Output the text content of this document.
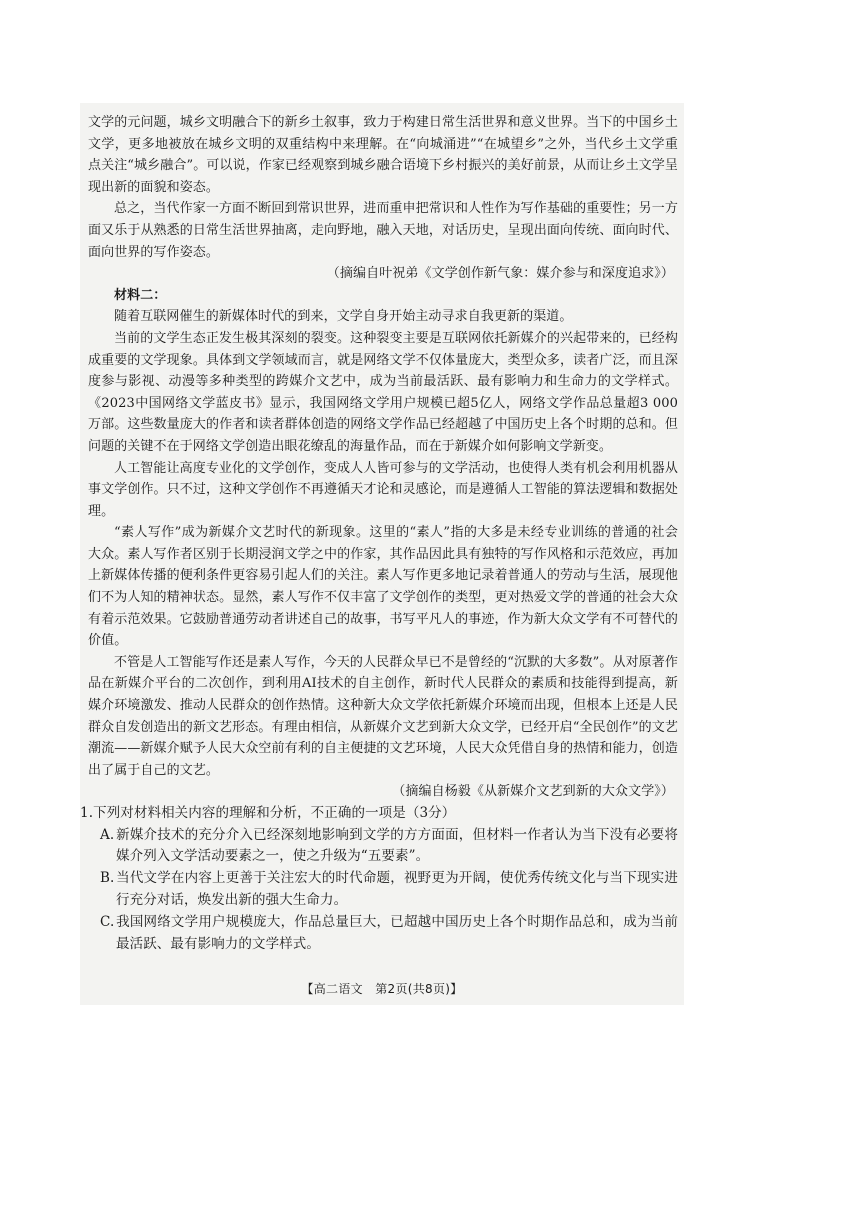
文学的元问题，城乡文明融合下的新乡土叙事，致力于构建日常生活世界和意义世界。当下的中国乡土文学，更多地被放在城乡文明的双重结构中来理解。在“向城涌进”“在城望乡”之外，当代乡土文学重点关注“城乡融合”。可以说，作家已经观察到城乡融合语境下乡村振兴的美好前景，从而让乡土文学呈现出新的面貌和姿态。

总之，当代作家一方面不断回到常识世界，进而重申把常识和人性作为写作基础的重要性；另一方面又乐于从熟悉的日常生活世界抽离，走向野地，融入天地，对话历史，呈现出面向传统、面向时代、面向世界的写作姿态。

（摘编自叶祝弟《文学创作新气象：媒介参与和深度追求》）

材料二：

随着互联网催生的新媒体时代的到来，文学自身开始主动寻求自我更新的渠道。

当前的文学生态正发生极其深刻的裂变。这种裂变主要是互联网依托新媒介的兴起带来的，已经构成重要的文学现象。具体到文学领域而言，就是网络文学不仅体量庞大，类型众多，读者广泛，而且深度参与影视、动漫等多种类型的跨媒介文艺中，成为当前最活跃、最有影响力和生命力的文学样式。《2023中国网络文学蓝皮书》显示，我国网络文学用户规模已超5亿人，网络文学作品总量超3 000万部。这些数量庞大的作者和读者群体创造的网络文学作品已经超越了中国历史上各个时期的总和。但问题的关键不在于网络文学创造出眼花缭乱的海量作品，而在于新媒介如何影响文学新变。

人工智能让高度专业化的文学创作，变成人人皆可参与的文学活动，也使得人类有机会利用机器从事文学创作。只不过，这种文学创作不再遵循天才论和灵感论，而是遵循人工智能的算法逻辑和数据处理。

“素人写作”成为新媒介文艺时代的新现象。这里的“素人”指的大多是未经专业训练的普通的社会大众。素人写作者区别于长期浸润文学之中的作家，其作品因此具有独特的写作风格和示范效应，再加上新媒体传播的便利条件更容易引起人们的关注。素人写作更多地记录着普通人的劳动与生活，展现他们不为人知的精神状态。显然，素人写作不仅丰富了文学创作的类型，更对热爱文学的普通的社会大众有着示范效果。它鼓励普通劳动者讲述自己的故事，书写平凡人的事迹，作为新大众文学有不可替代的价值。

不管是人工智能写作还是素人写作，今天的人民群众早已不是曾经的“沉默的大多数”。从对原著作品在新媒介平台的二次创作，到利用AI技术的自主创作，新时代人民群众的素质和技能得到提高，新媒介环境激发、推动人民群众的创作热情。这种新大众文学依托新媒介环境而出现，但根本上还是人民群众自发创造出的新文艺形态。有理由相信，从新媒介文艺到新大众文学，已经开启“全民创作”的文艺潮流——新媒介赋予人民大众空前有利的自主便捷的文艺环境，人民大众凭借自身的热情和能力，创造出了属于自己的文艺。

（摘编自杨毅《从新媒介文艺到新的大众文学》）

1.下列对材料相关内容的理解和分析，不正确的一项是（3分）

A. 新媒介技术的充分介入已经深刻地影响到文学的方方面面，但材料一作者认为当下没有必要将媒介列入文学活动要素之一，使之升级为“五要素”。

B. 当代文学在内容上更善于关注宏大的时代命题，视野更为开阔，使优秀传统文化与当下现实进行充分对话，焕发出新的强大生命力。

C. 我国网络文学用户规模庞大，作品总量巨大，已超越中国历史上各个时期作品总和，成为当前最活跃、最有影响力的文学样式。

【高二语文　第2页(共8页)】
